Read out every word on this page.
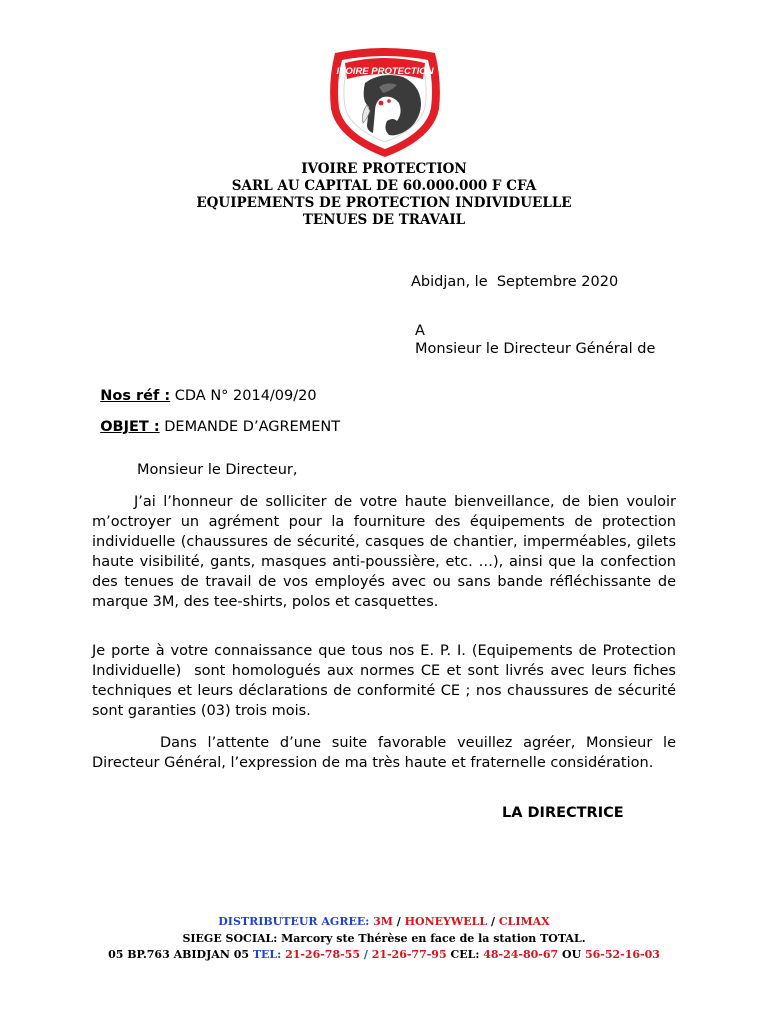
IVOIRE PROTECTION
IVOIRE PROTECTION
SARL AU CAPITAL DE 60.000.000 F CFA
EQUIPEMENTS DE PROTECTION INDIVIDUELLE
TENUES DE TRAVAIL
Abidjan, le  Septembre 2020
A
Monsieur le Directeur Général de

Nos réf : CDA N° 2014/09/20

OBJET : DEMANDE D’AGREMENT

Monsieur le Directeur,
J’ai l’honneur de solliciter de votre haute bienveillance, de bien vouloir m’octroyer un agrément pour la fourniture des équipements de protection individuelle (chaussures de sécurité, casques de chantier, imperméables, gilets haute visibilité, gants, masques anti-poussière, etc. …), ainsi que la confection des tenues de travail de vos employés avec ou sans bande réfléchissante de marque 3M, des tee-shirts, polos et casquettes.
Je porte à votre connaissance que tous nos E. P. I. (Equipements de Protection  Individuelle)  sont homologués aux normes CE et sont livrés avec leurs fiches techniques et leurs déclarations de conformité CE ; nos chaussures de sécurité sont garanties (03) trois mois.
Dans l’attente d’une suite favorable veuillez agréer, Monsieur le Directeur Général, l’expression de ma très haute et fraternelle considération.
LA DIRECTRICE
DISTRIBUTEUR AGREE: 3M / HONEYWELL / CLIMAX
SIEGE SOCIAL: Marcory ste Thérèse en face de la station TOTAL.
05 BP.763 ABIDJAN 05 TEL: 21-26-78-55 / 21-26-77-95 CEL: 48-24-80-67 OU 56-52-16-03
